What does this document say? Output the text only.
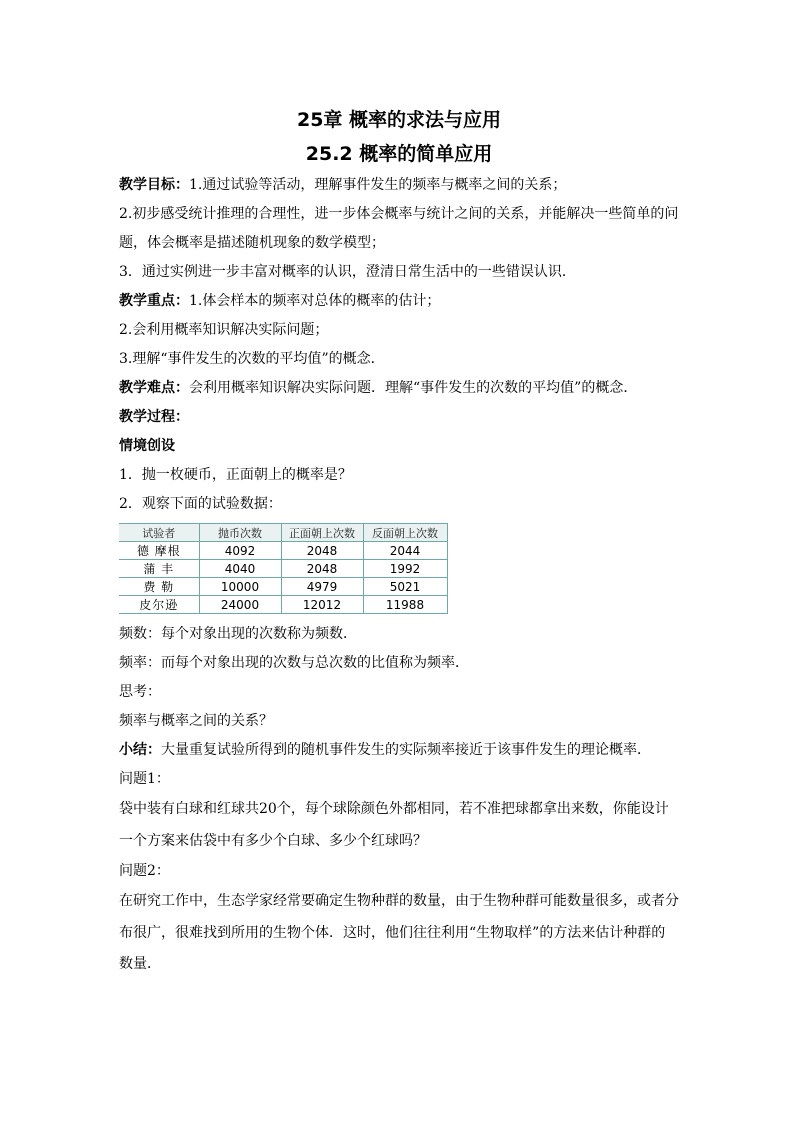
25章 概率的求法与应用
25.2 概率的简单应用

教学目标：1.通过试验等活动，理解事件发生的频率与概率之间的关系；

2.初步感受统计推理的合理性，进一步体会概率与统计之间的关系，并能解决一些简单的问

题，体会概率是描述随机现象的数学模型；

3．通过实例进一步丰富对概率的认识，澄清日常生活中的一些错误认识．

教学重点：1.体会样本的频率对总体的概率的估计；

2.会利用概率知识解决实际问题；

3.理解“事件发生的次数的平均值”的概念．

教学难点：会利用概率知识解决实际问题．理解“事件发生的次数的平均值”的概念．

教学过程：

情境创设

1．抛一枚硬币，正面朝上的概率是？

2．观察下面的试验数据：

试验者	抛币次数	正面朝上次数	反面朝上次数
德 摩根	4092	2048	2044
蒲 丰	4040	2048	1992
费 勒	10000	4979	5021
皮尔逊	24000	12012	11988

频数：每个对象出现的次数称为频数．

频率：而每个对象出现的次数与总次数的比值称为频率．

思考：

频率与概率之间的关系？

小结：大量重复试验所得到的随机事件发生的实际频率接近于该事件发生的理论概率．

问题1：

袋中装有白球和红球共20个，每个球除颜色外都相同，若不准把球都拿出来数，你能设计一个方案来估袋中有多少个白球、多少个红球吗？

问题2：

在研究工作中，生态学家经常要确定生物种群的数量，由于生物种群可能数量很多，或者分布很广，很难找到所用的生物个体．这时，他们往往利用“生物取样”的方法来估计种群的数量．
